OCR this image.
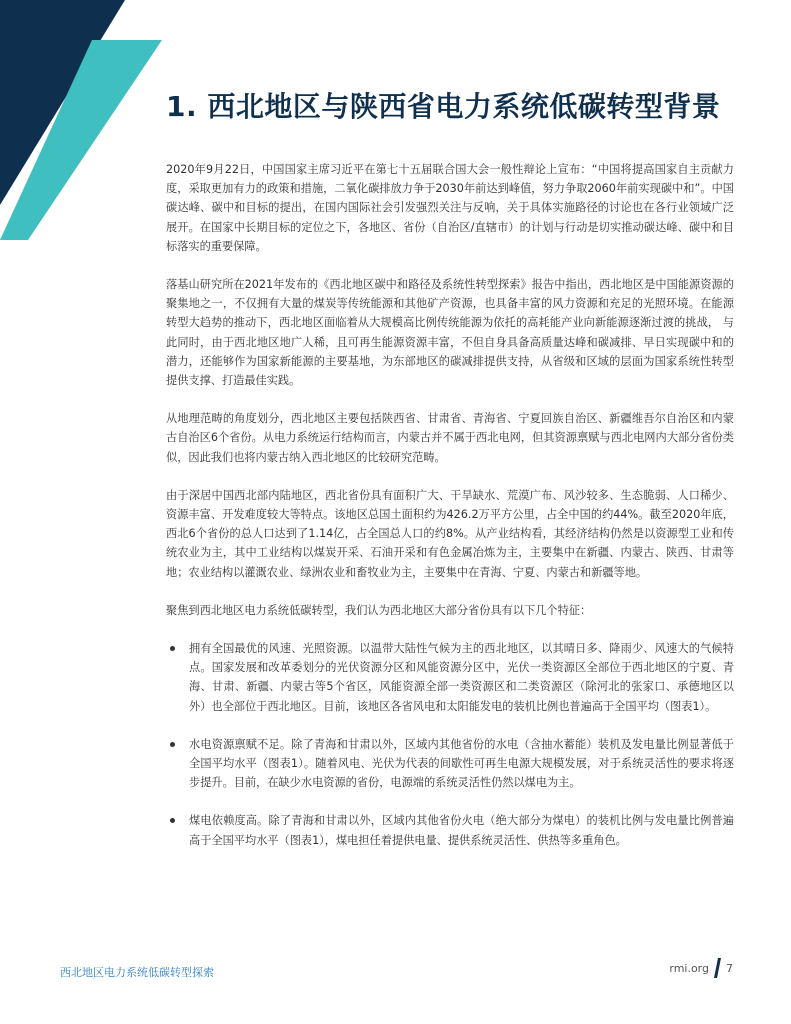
1. 西北地区与陕西省电力系统低碳转型背景

2020年9月22日，中国国家主席习近平在第七十五届联合国大会一般性辩论上宣布：“中国将提高国家自主贡献力度，采取更加有力的政策和措施，二氧化碳排放力争于2030年前达到峰值，努力争取2060年前实现碳中和”。中国碳达峰、碳中和目标的提出，在国内国际社会引发强烈关注与反响，关于具体实施路径的讨论也在各行业领域广泛展开。在国家中长期目标的定位之下，各地区、省份（自治区/直辖市）的计划与行动是切实推动碳达峰、碳中和目标落实的重要保障。

落基山研究所在2021年发布的《西北地区碳中和路径及系统性转型探索》报告中指出，西北地区是中国能源资源的聚集地之一，不仅拥有大量的煤炭等传统能源和其他矿产资源，也具备丰富的风力资源和充足的光照环境。在能源转型大趋势的推动下，西北地区面临着从大规模高比例传统能源为依托的高耗能产业向新能源逐渐过渡的挑战， 与此同时，由于西北地区地广人稀，且可再生能源资源丰富，不但自身具备高质量达峰和碳减排、早日实现碳中和的潜力，还能够作为国家新能源的主要基地，为东部地区的碳减排提供支持，从省级和区域的层面为国家系统性转型提供支撑、打造最佳实践。

从地理范畴的角度划分，西北地区主要包括陕西省、甘肃省、青海省、宁夏回族自治区、新疆维吾尔自治区和内蒙古自治区6个省份。从电力系统运行结构而言，内蒙古并不属于西北电网，但其资源禀赋与西北电网内大部分省份类似，因此我们也将内蒙古纳入西北地区的比较研究范畴。

由于深居中国西北部内陆地区，西北省份具有面积广大、干旱缺水、荒漠广布、风沙较多、生态脆弱、人口稀少、资源丰富、开发难度较大等特点。该地区总国土面积约为426.2万平方公里，占全中国的约44%。截至2020年底，西北6个省份的总人口达到了1.14亿，占全国总人口的约8%。从产业结构看，其经济结构仍然是以资源型工业和传统农业为主，其中工业结构以煤炭开采、石油开采和有色金属冶炼为主，主要集中在新疆、内蒙古、陕西、甘肃等地；农业结构以灌溉农业、绿洲农业和畜牧业为主，主要集中在青海、宁夏、内蒙古和新疆等地。

聚焦到西北地区电力系统低碳转型，我们认为西北地区大部分省份具有以下几个特征：

拥有全国最优的风速、光照资源。以温带大陆性气候为主的西北地区，以其晴日多、降雨少、风速大的气候特点。国家发展和改革委划分的光伏资源分区和风能资源分区中，光伏一类资源区全部位于西北地区的宁夏、青海、甘肃、新疆、内蒙古等5个省区，风能资源全部一类资源区和二类资源区（除河北的张家口、承德地区以外）也全部位于西北地区。目前，该地区各省风电和太阳能发电的装机比例也普遍高于全国平均（图表1）。
水电资源禀赋不足。除了青海和甘肃以外，区域内其他省份的水电（含抽水蓄能）装机及发电量比例显著低于全国平均水平（图表1）。随着风电、光伏为代表的间歇性可再生电源大规模发展，对于系统灵活性的要求将逐步提升。目前，在缺少水电资源的省份，电源端的系统灵活性仍然以煤电为主。
煤电依赖度高。除了青海和甘肃以外，区域内其他省份火电（绝大部分为煤电）的装机比例与发电量比例普遍高于全国平均水平（图表1），煤电担任着提供电量、提供系统灵活性、供热等多重角色。
西北地区电力系统低碳转型探索	rmi.org 7
